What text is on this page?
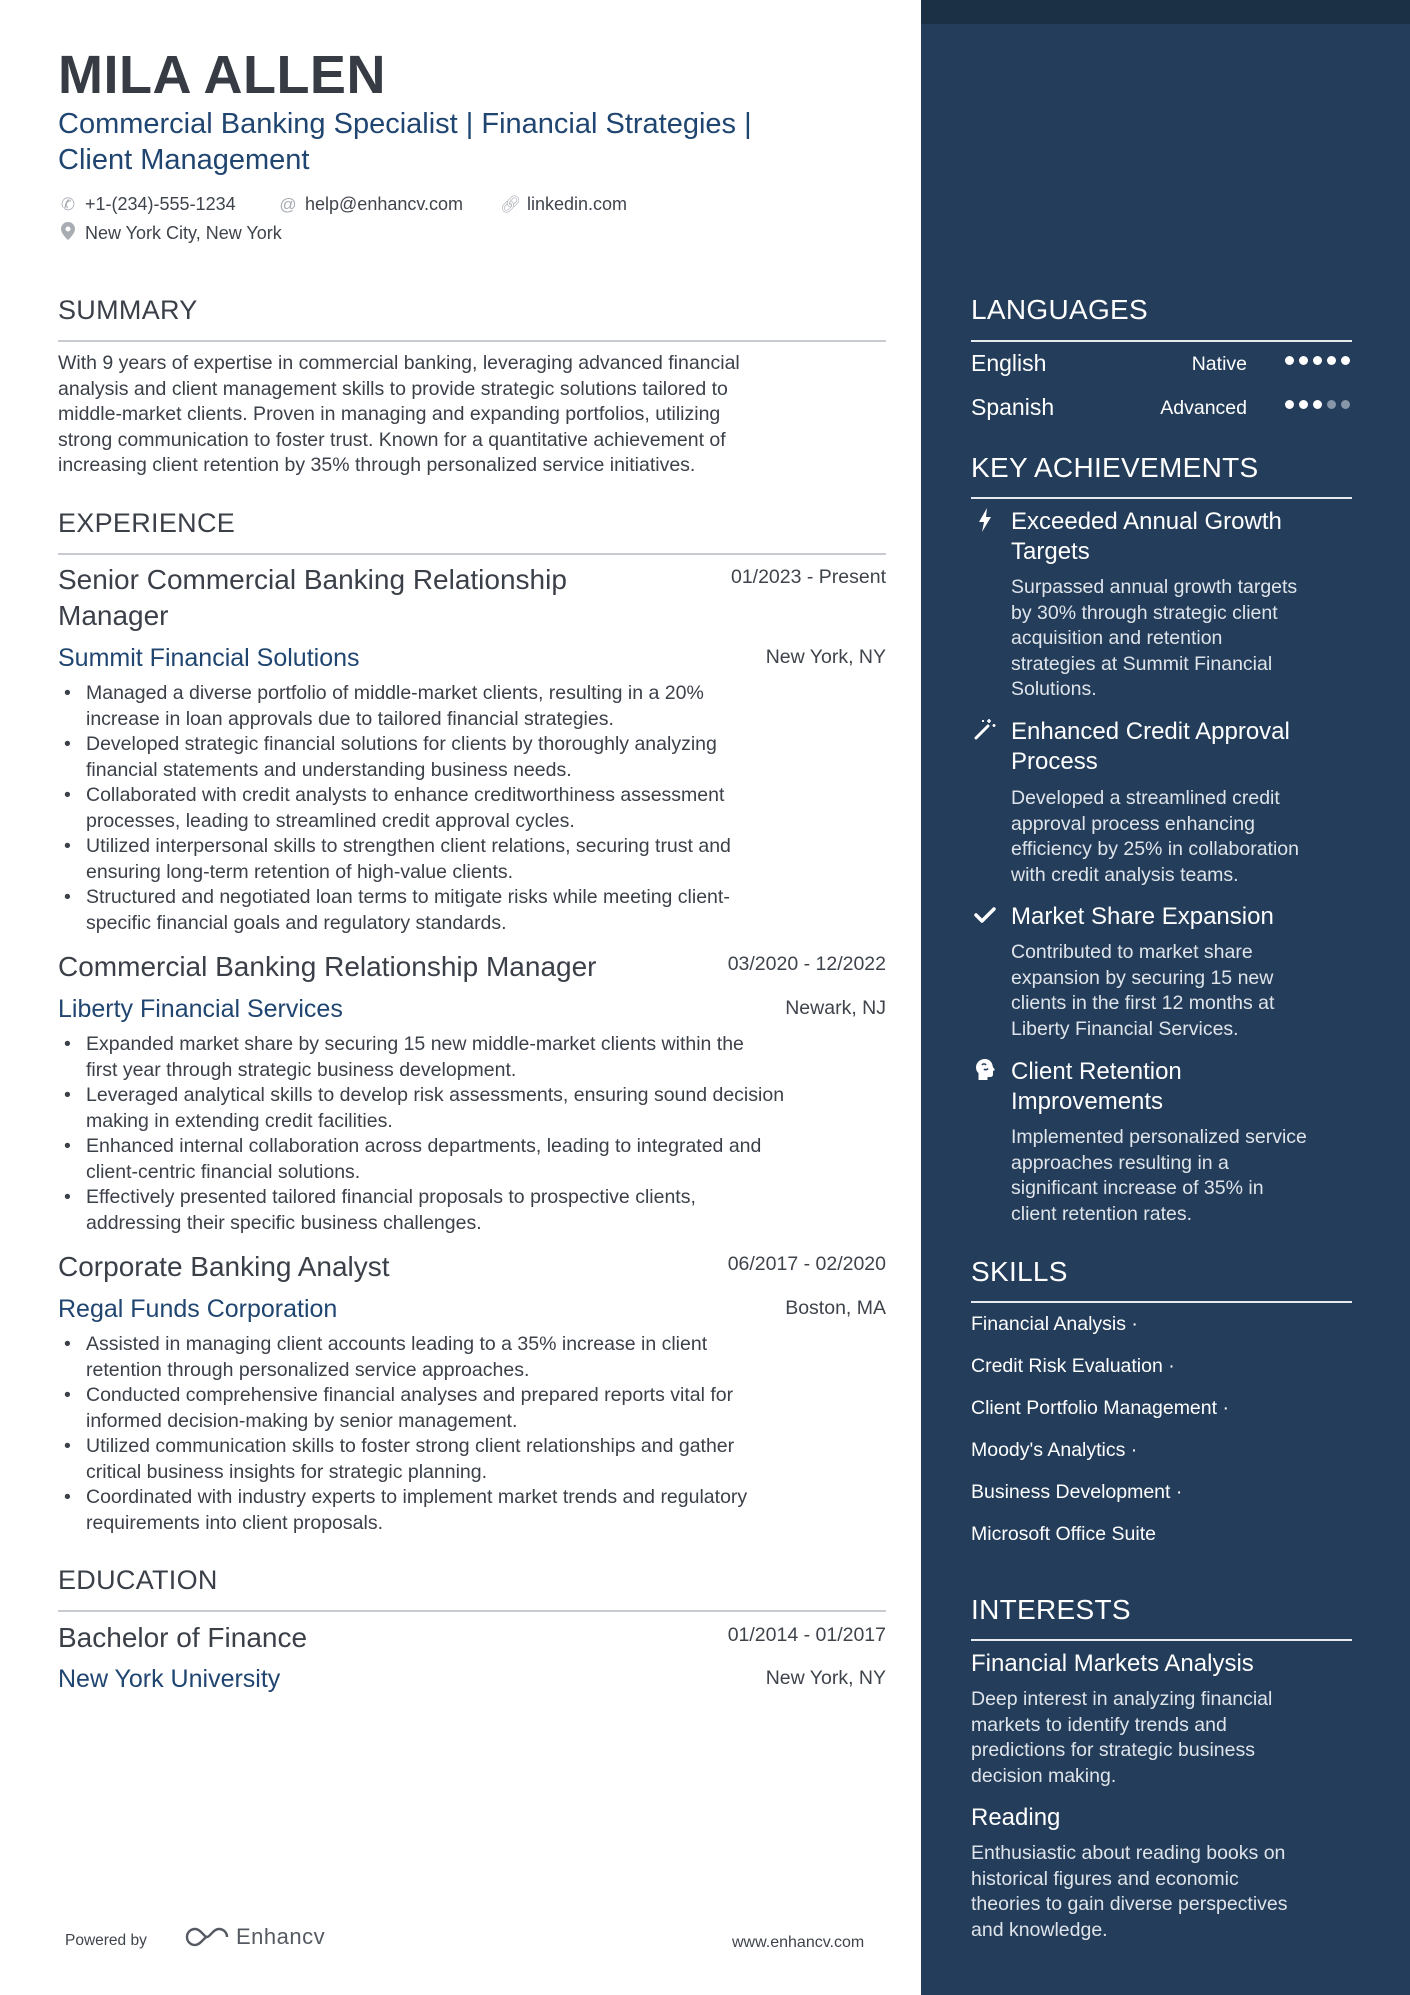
MILA ALLEN
Commercial Banking Specialist | Financial Strategies |
Client Management
✆ +1-(234)-555-1234	@ help@enhancv.com 🔗︎ linkedin.com
New York City, New York
SUMMARY
With 9 years of expertise in commercial banking, leveraging advanced financial
analysis and client management skills to provide strategic solutions tailored to
middle-market clients. Proven in managing and expanding portfolios, utilizing
strong communication to foster trust. Known for a quantitative achievement of
increasing client retention by 35% through personalized service initiatives.
EXPERIENCE
Senior Commercial Banking Relationship
Manager
01/2023 - Present
Summit Financial Solutions	New York, NY
• Managed a diverse portfolio of middle-market clients, resulting in a 20%
increase in loan approvals due to tailored financial strategies.
• Developed strategic financial solutions for clients by thoroughly analyzing
financial statements and understanding business needs.
• Collaborated with credit analysts to enhance creditworthiness assessment
processes, leading to streamlined credit approval cycles.
• Utilized interpersonal skills to strengthen client relations, securing trust and
ensuring long-term retention of high-value clients.
• Structured and negotiated loan terms to mitigate risks while meeting client-
specific financial goals and regulatory standards.
Commercial Banking Relationship Manager	03/2020 - 12/2022
Liberty Financial Services	Newark, NJ
• Expanded market share by securing 15 new middle-market clients within the
first year through strategic business development.
• Leveraged analytical skills to develop risk assessments, ensuring sound decision
making in extending credit facilities.
• Enhanced internal collaboration across departments, leading to integrated and
client-centric financial solutions.
• Effectively presented tailored financial proposals to prospective clients,
addressing their specific business challenges.
Corporate Banking Analyst	06/2017 - 02/2020
Regal Funds Corporation	Boston, MA
• Assisted in managing client accounts leading to a 35% increase in client
retention through personalized service approaches.
• Conducted comprehensive financial analyses and prepared reports vital for
informed decision-making by senior management.
• Utilized communication skills to foster strong client relationships and gather
critical business insights for strategic planning.
• Coordinated with industry experts to implement market trends and regulatory
requirements into client proposals.
EDUCATION
Bachelor of Finance	01/2014 - 01/2017
New York University	New York, NY
Powered by	Enhancv	www.enhancv.com
LANGUAGES
English	Native
Spanish	Advanced
KEY ACHIEVEMENTS
Exceeded Annual Growth
Targets
Surpassed annual growth targets
by 30% through strategic client
acquisition and retention
strategies at Summit Financial
Solutions.
Enhanced Credit Approval
Process
Developed a streamlined credit
approval process enhancing
efficiency by 25% in collaboration
with credit analysis teams.
Market Share Expansion
Contributed to market share
expansion by securing 15 new
clients in the first 12 months at
Liberty Financial Services.
Client Retention
Improvements
Implemented personalized service
approaches resulting in a
significant increase of 35% in
client retention rates.
SKILLS
Financial Analysis ·
Credit Risk Evaluation ·
Client Portfolio Management ·
Moody's Analytics ·
Business Development ·
Microsoft Office Suite
INTERESTS
Financial Markets Analysis
Deep interest in analyzing financial
markets to identify trends and
predictions for strategic business
decision making.
Reading
Enthusiastic about reading books on
historical figures and economic
theories to gain diverse perspectives
and knowledge.
